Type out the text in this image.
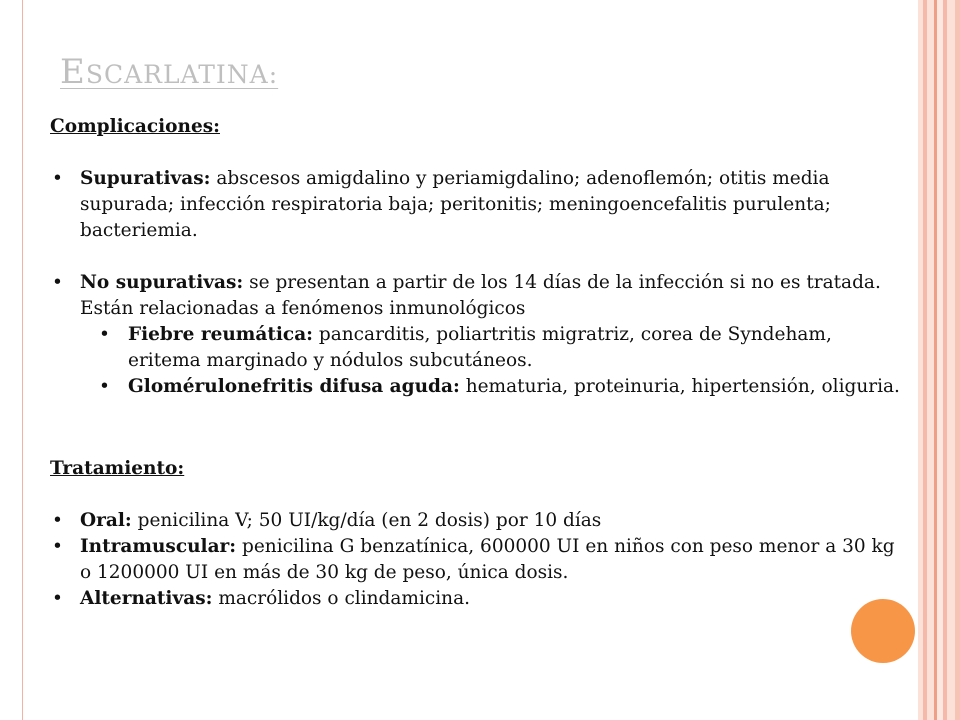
ESCARLATINA:

Complicaciones:

• Supurativas: abscesos amigdalino y periamigdalino; adenoflemón; otitis media supurada; infección respiratoria baja; peritonitis; meningoencefalitis purulenta; bacteriemia.
• No supurativas: se presentan a partir de los 14 días de la infección si no es tratada. Están relacionadas a fenómenos inmunológicos
• Fiebre reumática: pancarditis, poliartritis migratriz, corea de Syndeham, eritema marginado y nódulos subcutáneos.
• Glomérulonefritis difusa aguda: hematuria, proteinuria, hipertensión, oliguria.

Tratamiento:

• Oral: penicilina V; 50 UI/kg/día (en 2 dosis) por 10 días
• Intramuscular: penicilina G benzatínica, 600000 UI en niños con peso menor a 30 kg o 1200000 UI en más de 30 kg de peso, única dosis.
• Alternativas: macrólidos o clindamicina.
